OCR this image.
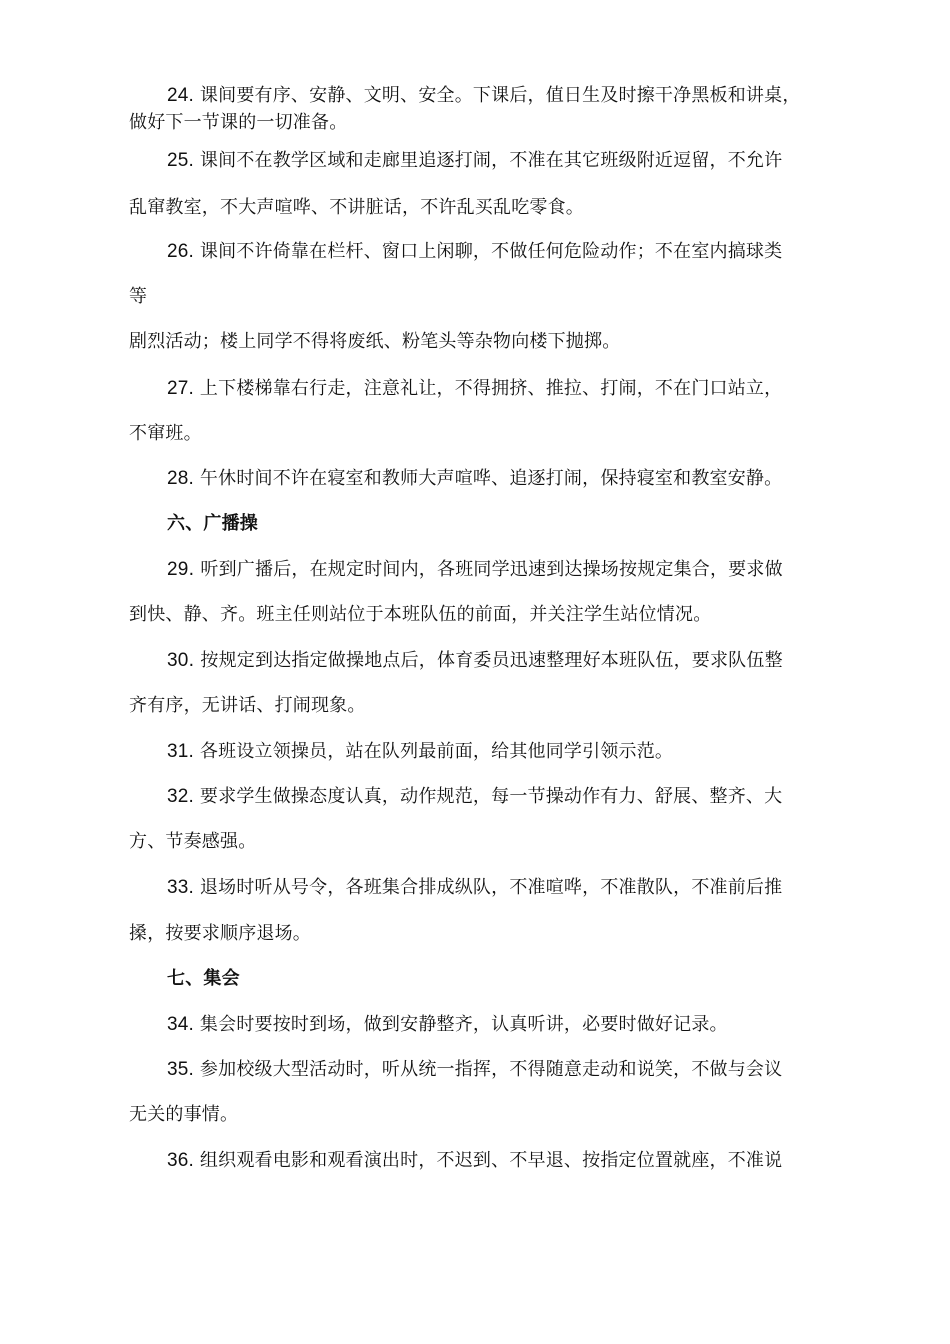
24. 课间要有序、安静、文明、安全。下课后，值日生及时擦干净黑板和讲桌，
做好下一节课的一切准备。
25. 课间不在教学区域和走廊里追逐打闹，不准在其它班级附近逗留，不允许
乱窜教室，不大声喧哗、不讲脏话，不许乱买乱吃零食。
26. 课间不许倚靠在栏杆、窗口上闲聊，不做任何危险动作；不在室内搞球类
等
剧烈活动；楼上同学不得将废纸、粉笔头等杂物向楼下抛掷。
27. 上下楼梯靠右行走，注意礼让，不得拥挤、推拉、打闹，不在门口站立，
不窜班。
28. 午休时间不许在寝室和教师大声喧哗、追逐打闹，保持寝室和教室安静。
六、广播操
29. 听到广播后，在规定时间内，各班同学迅速到达操场按规定集合，要求做
到快、静、齐。班主任则站位于本班队伍的前面，并关注学生站位情况。
30. 按规定到达指定做操地点后，体育委员迅速整理好本班队伍，要求队伍整
齐有序，无讲话、打闹现象。
31. 各班设立领操员，站在队列最前面，给其他同学引领示范。
32. 要求学生做操态度认真，动作规范，每一节操动作有力、舒展、整齐、大
方、节奏感强。
33. 退场时听从号令，各班集合排成纵队，不准喧哗，不准散队，不准前后推
搡，按要求顺序退场。
七、集会
34. 集会时要按时到场，做到安静整齐，认真听讲，必要时做好记录。
35. 参加校级大型活动时，听从统一指挥，不得随意走动和说笑，不做与会议
无关的事情。
36. 组织观看电影和观看演出时，不迟到、不早退、按指定位置就座，不准说
